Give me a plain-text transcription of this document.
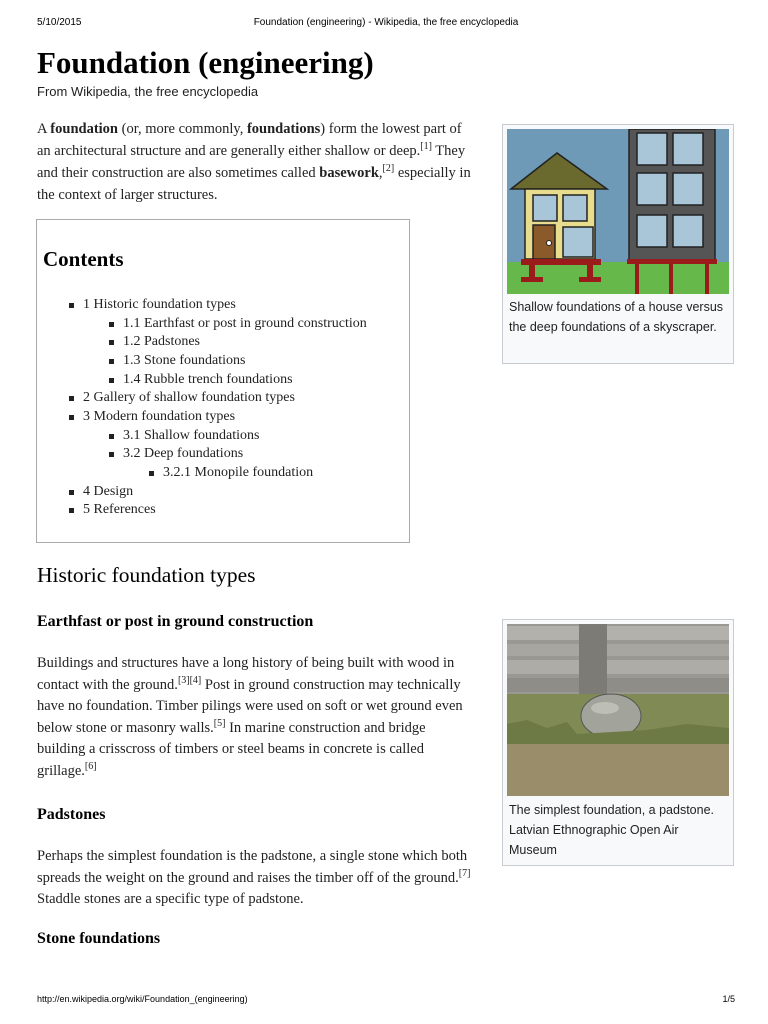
5/10/2015	Foundation (engineering) - Wikipedia, the free encyclopedia
Foundation (engineering)
From Wikipedia, the free encyclopedia
A foundation (or, more commonly, foundations) form the lowest part of an architectural structure and are generally either shallow or deep.[1] They and their construction are also sometimes called basework,[2] especially in the context of larger structures.
Shallow foundations of a house versus the deep foundations of a skyscraper.
Contents
1 Historic foundation types
1.1 Earthfast or post in ground construction
1.2 Padstones
1.3 Stone foundations
1.4 Rubble trench foundations
2 Gallery of shallow foundation types
3 Modern foundation types
3.1 Shallow foundations
3.2 Deep foundations
3.2.1 Monopile foundation
4 Design
5 References
Historic foundation types
Earthfast or post in ground construction
Buildings and structures have a long history of being built with wood in contact with the ground.[3][4] Post in ground construction may technically have no foundation. Timber pilings were used on soft or wet ground even below stone or masonry walls.[5] In marine construction and bridge building a crisscross of timbers or steel beams in concrete is called grillage.[6]
Padstones
Perhaps the simplest foundation is the padstone, a single stone which both spreads the weight on the ground and raises the timber off of the ground.[7] Staddle stones are a specific type of padstone.
Stone foundations
The simplest foundation, a padstone. Latvian Ethnographic Open Air Museum
http://en.wikipedia.org/wiki/Foundation_(engineering)	1/5
